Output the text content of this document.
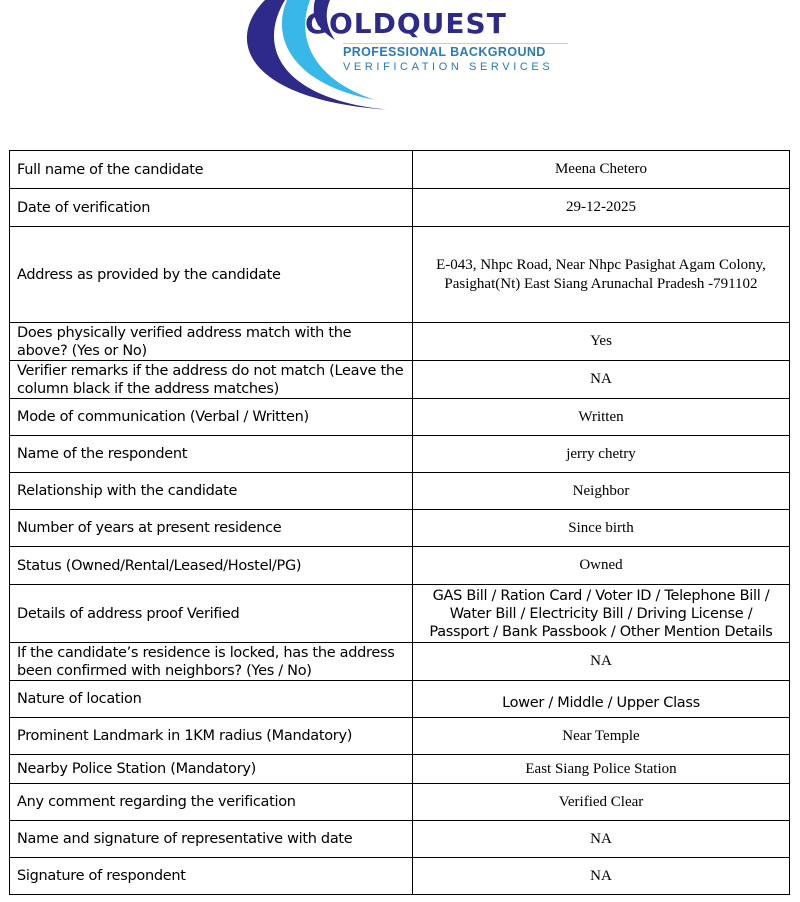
GOLDQUEST
PROFESSIONAL BACKGROUND
VERIFICATION SERVICES
Full name of the candidate	Meena Chetero
Date of verification	29-12-2025
Address as provided by the candidate	E-043, Nhpc Road, Near Nhpc Pasighat Agam Colony, Pasighat(Nt) East Siang Arunachal Pradesh -791102
Does physically verified address match with the above? (Yes or No)	Yes
Verifier remarks if the address do not match (Leave the column black if the address matches)	NA
Mode of communication (Verbal / Written)	Written
Name of the respondent	jerry chetry
Relationship with the candidate	Neighbor
Number of years at present residence	Since birth
Status (Owned/Rental/Leased/Hostel/PG)	Owned
Details of address proof Verified	GAS Bill / Ration Card / Voter ID / Telephone Bill / Water Bill / Electricity Bill / Driving License / Passport / Bank Passbook / Other Mention Details
If the candidate’s residence is locked, has the address been confirmed with neighbors? (Yes / No)	NA
Nature of location	Lower / Middle / Upper Class
Prominent Landmark in 1KM radius (Mandatory)	Near Temple
Nearby Police Station (Mandatory)	East Siang Police Station
Any comment regarding the verification	Verified Clear
Name and signature of representative with date	NA
Signature of respondent	NA
